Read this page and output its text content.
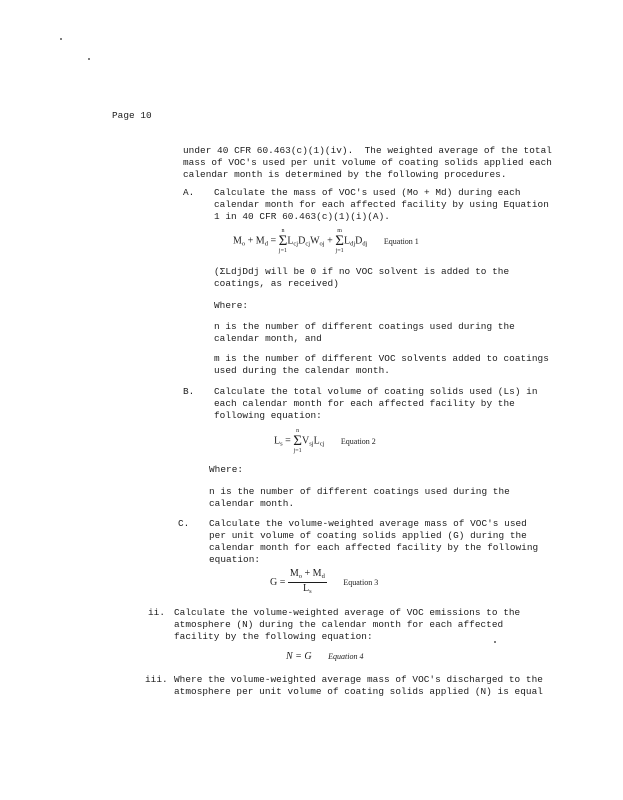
Page 10
under 40 CFR 60.463(c)(1)(iv).  The weighted average of the total
mass of VOC's used per unit volume of coating solids applied each
calendar month is determined by the following procedures.
A. Calculate the mass of VOC's used (Mo + Md) during each
calendar month for each affected facility by using Equation
1 in 40 CFR 60.463(c)(1)(i)(A).
$M_o + M_d$ =
n
Σ
j=1
$L_{cj}D_{cj}W_{oj}$ +
m
Σ
j=1
$L_{dj}D_{dj}$ Equation 1
(ΣLdjDdj will be 0 if no VOC solvent is added to the
coatings, as received)
Where:
n is the number of different coatings used during the
calendar month, and
m is the number of different VOC solvents added to coatings
used during the calendar month.
B. Calculate the total volume of coating solids used (Ls) in
each calendar month for each affected facility by the
following equation:
$L_s$ =
n
Σ
j=1
$V_{sj}L_{cj}$ Equation 2
Where:
n is the number of different coatings used during the
calendar month.
C. Calculate the volume-weighted average mass of VOC's used
per unit volume of coating solids applied (G) during the
calendar month for each affected facility by the following
equation:
$G = \frac{M_o + M_d}{L_s}$ Equation 3
ii. Calculate the volume-weighted average of VOC emissions to the
atmosphere (N) during the calendar month for each affected
facility by the following equation:
N = G Equation 4
iii. Where the volume-weighted average mass of VOC's discharged to the
atmosphere per unit volume of coating solids applied (N) is equal
